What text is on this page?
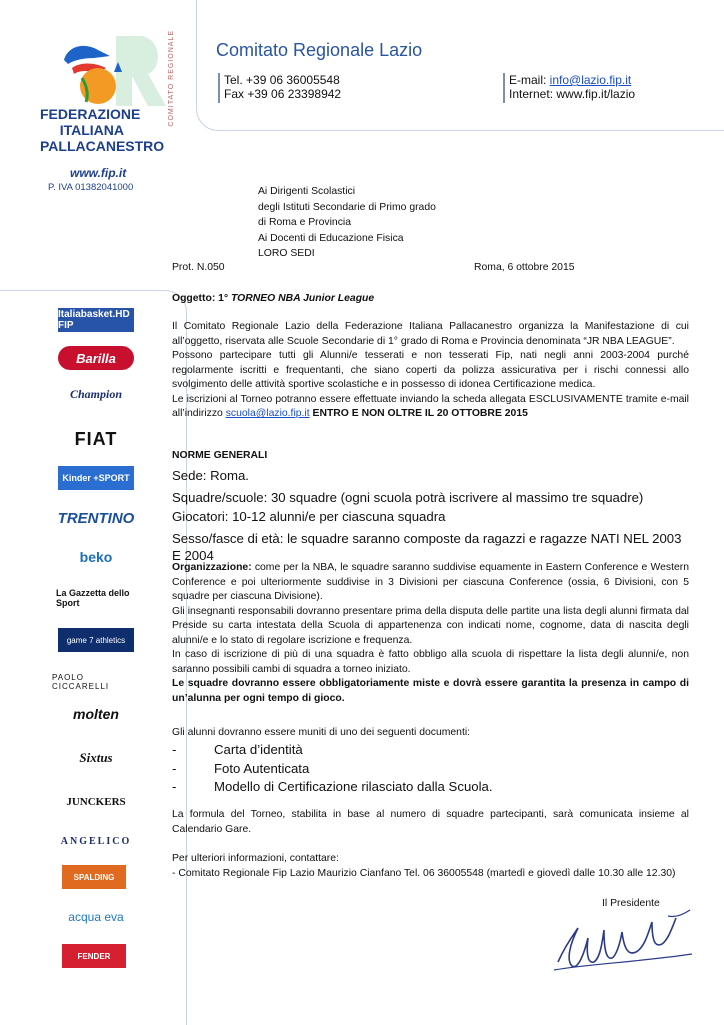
Comitato Regionale Lazio
Tel. +39 06 36005548
Fax +39 06 23398942
E-mail: info@lazio.fip.it
Internet: www.fip.it/lazio
COMITATO REGIONALE
FEDERAZIONE
ITALIANA
PALLACANESTRO
www.fip.it
P. IVA 01382041000
Italiabasket.HD FIP
Barilla
Champion
FIAT
Kinder +SPORT
TRENTINO
beko
La Gazzetta dello Sport
game 7 athletics
PAOLO CICCARELLI
molten
Sixtus
JUNCKERS
ANGELICO
SPALDING
acqua eva
FENDER
Ai Dirigenti Scolastici
degli Istituti Secondarie di Primo grado
di Roma e Provincia
Ai Docenti di Educazione Fisica
LORO SEDI
Prot. N.050	Roma, 6 ottobre 2015
Oggetto: 1° TORNEO NBA Junior League
Il Comitato Regionale Lazio della Federazione Italiana Pallacanestro organizza la Manifestazione di cui all’oggetto, riservata alle Scuole Secondarie di 1° grado di Roma e Provincia denominata “JR NBA LEAGUE”.
Possono partecipare tutti gli Alunni/e tesserati e non tesserati Fip, nati negli anni 2003-2004 purché regolarmente iscritti e frequentanti, che siano coperti da polizza assicurativa per i rischi connessi allo svolgimento delle attività sportive scolastiche e in possesso di idonea Certificazione medica.
Le iscrizioni al Torneo potranno essere effettuate inviando la scheda allegata ESCLUSIVAMENTE tramite e-mail all’indirizzo scuola@lazio.fip.it ENTRO E NON OLTRE IL 20 OTTOBRE 2015
NORME GENERALI
Sede: Roma.
Squadre/scuole: 30 squadre (ogni scuola potrà iscrivere al massimo tre squadre)
Giocatori: 10-12 alunni/e per ciascuna squadra
Sesso/fasce di età: le squadre saranno composte da ragazzi e ragazze NATI NEL 2003 E 2004
Organizzazione: come per la NBA, le squadre saranno suddivise equamente in Eastern Conference e Western Conference e poi ulteriormente suddivise in 3 Divisioni per ciascuna Conference (ossia, 6 Divisioni, con 5 squadre per ciascuna Divisione).
Gli insegnanti responsabili dovranno presentare prima della disputa delle partite una lista degli alunni firmata dal Preside su carta intestata della Scuola di appartenenza con indicati nome, cognome, data di nascita degli alunni/e e lo stato di regolare iscrizione e frequenza.
In caso di iscrizione di più di una squadra è fatto obbligo alla scuola di rispettare la lista degli alunni/e, non saranno possibili cambi di squadra a torneo iniziato.
Le squadre dovranno essere obbligatoriamente miste e dovrà essere garantita la presenza in campo di un’alunna per ogni tempo di gioco.
Gli alunni dovranno essere muniti di uno dei seguenti documenti:
-	Carta d’identità
-	Foto Autenticata
-	Modello di Certificazione rilasciato dalla Scuola.
La formula del Torneo, stabilita in base al numero di squadre partecipanti, sarà comunicata insieme al Calendario Gare.
Per ulteriori informazioni, contattare:
- Comitato Regionale Fip Lazio Maurizio Cianfano Tel. 06 36005548 (martedì e giovedì dalle 10.30 alle 12.30)
Il Presidente
